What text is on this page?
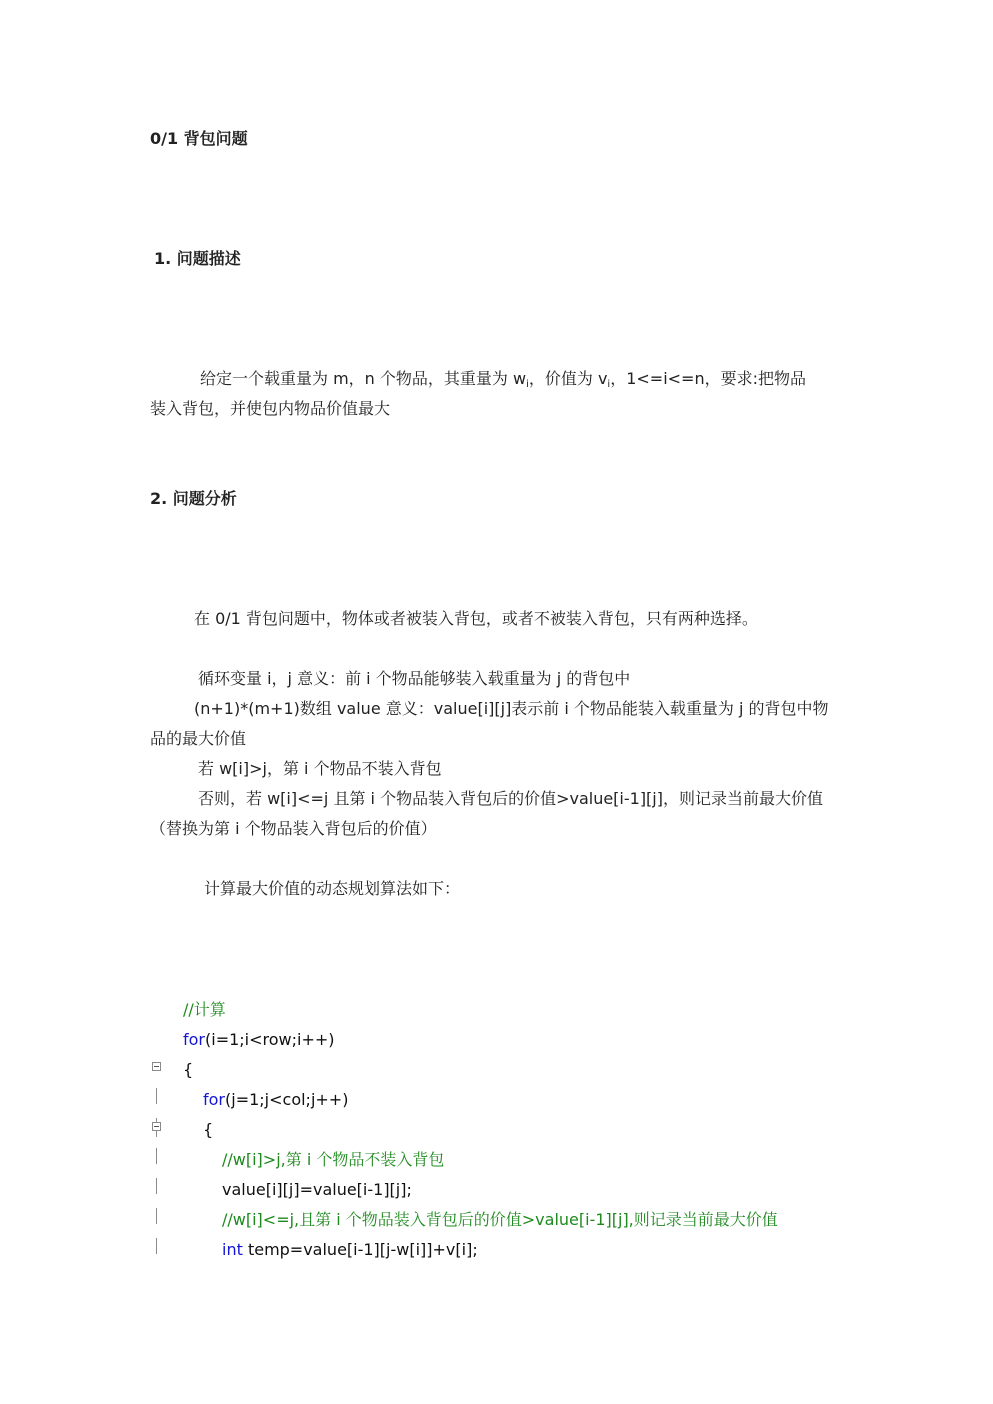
0/1 背包问题
1. 问题描述
给定一个载重量为 m，n 个物品，其重量为 $w_i$，价值为 $v_i$，1<=i<=n，要求:把物品
装入背包，并使包内物品价值最大
2. 问题分析
在 0/1 背包问题中，物体或者被装入背包，或者不被装入背包，只有两种选择。
循环变量 i，j 意义：前 i 个物品能够装入载重量为 j 的背包中
(n+1)*(m+1)数组 value 意义：value[i][j]表示前 i 个物品能装入载重量为 j 的背包中物
品的最大价值
若 w[i]>j，第 i 个物品不装入背包
否则，若 w[i]<=j 且第 i 个物品装入背包后的价值>value[i-1][j]，则记录当前最大价值
（替换为第 i 个物品装入背包后的价值）
计算最大价值的动态规划算法如下：
//计算
for(i=1;i<row;i++)
{
for(j=1;j<col;j++)
{
//w[i]>j,第 i 个物品不装入背包
value[i][j]=value[i-1][j];
//w[i]<=j,且第 i 个物品装入背包后的价值>value[i-1][j],则记录当前最大价值
int temp=value[i-1][j-w[i]]+v[i];
